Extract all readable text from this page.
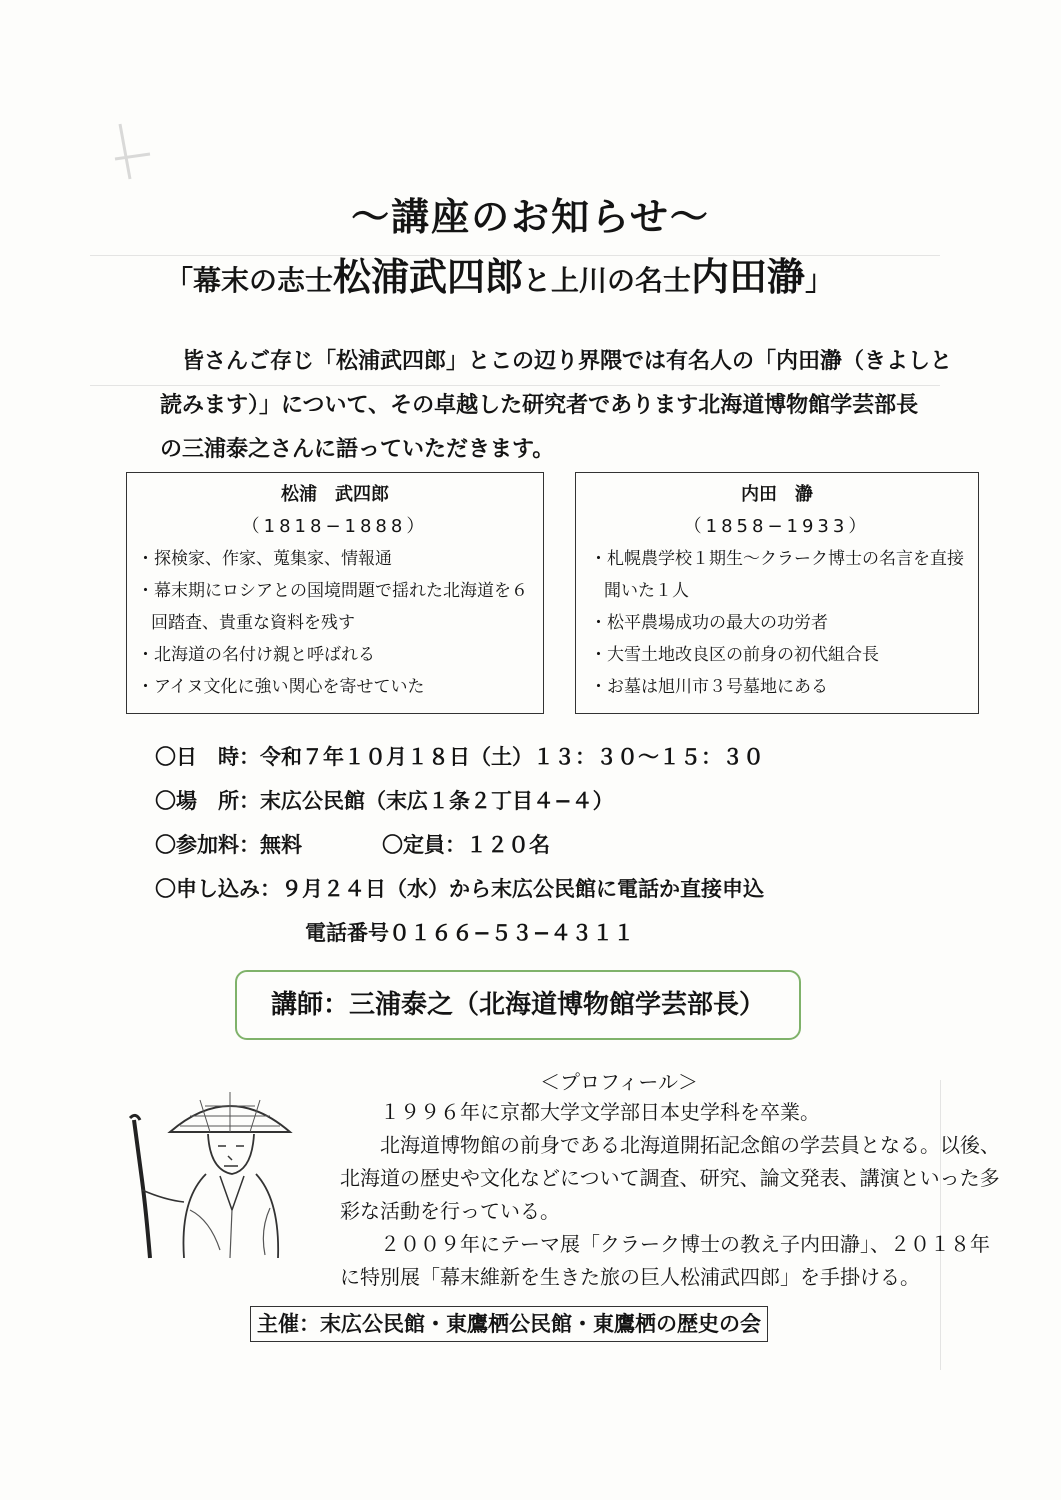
～講座のお知らせ～
「幕末の志士松浦武四郎と上川の名士内田瀞」
皆さんご存じ「松浦武四郎」とこの辺り界隈では有名人の「内田瀞（きよしと
読みます）」について、その卓越した研究者であります北海道博物館学芸部長
の三浦泰之さんに語っていただきます。
松浦　武四郎
（1818−1888）
・探検家、作家、蒐集家、情報通
・幕末期にロシアとの国境問題で揺れた北海道を６回踏査、貴重な資料を残す
・北海道の名付け親と呼ばれる
・アイヌ文化に強い関心を寄せていた
内田　瀞
（1858−1933）
・札幌農学校１期生～クラーク博士の名言を直接聞いた１人
・松平農場成功の最大の功労者
・大雪土地改良区の前身の初代組合長
・お墓は旭川市３号墓地にある
〇日　時：令和７年１０月１８日（土）１３：３０～１５：３０
〇場　所：末広公民館（末広１条２丁目４−４）
〇参加料：無料	〇定員：１２０名
〇申し込み：９月２４日（水）から末広公民館に電話か直接申込
電話番号０１６６−５３−４３１１
講師：三浦泰之（北海道博物館学芸部長）
＜プロフィール＞

１９９６年に京都大学文学部日本史学科を卒業。

北海道博物館の前身である北海道開拓記念館の学芸員となる。以後、北海道の歴史や文化などについて調査、研究、論文発表、講演といった多彩な活動を行っている。

２００９年にテーマ展「クラーク博士の教え子内田瀞」、２０１８年に特別展「幕末維新を生きた旅の巨人松浦武四郎」を手掛ける。

主催：末広公民館・東鷹栖公民館・東鷹栖の歴史の会
